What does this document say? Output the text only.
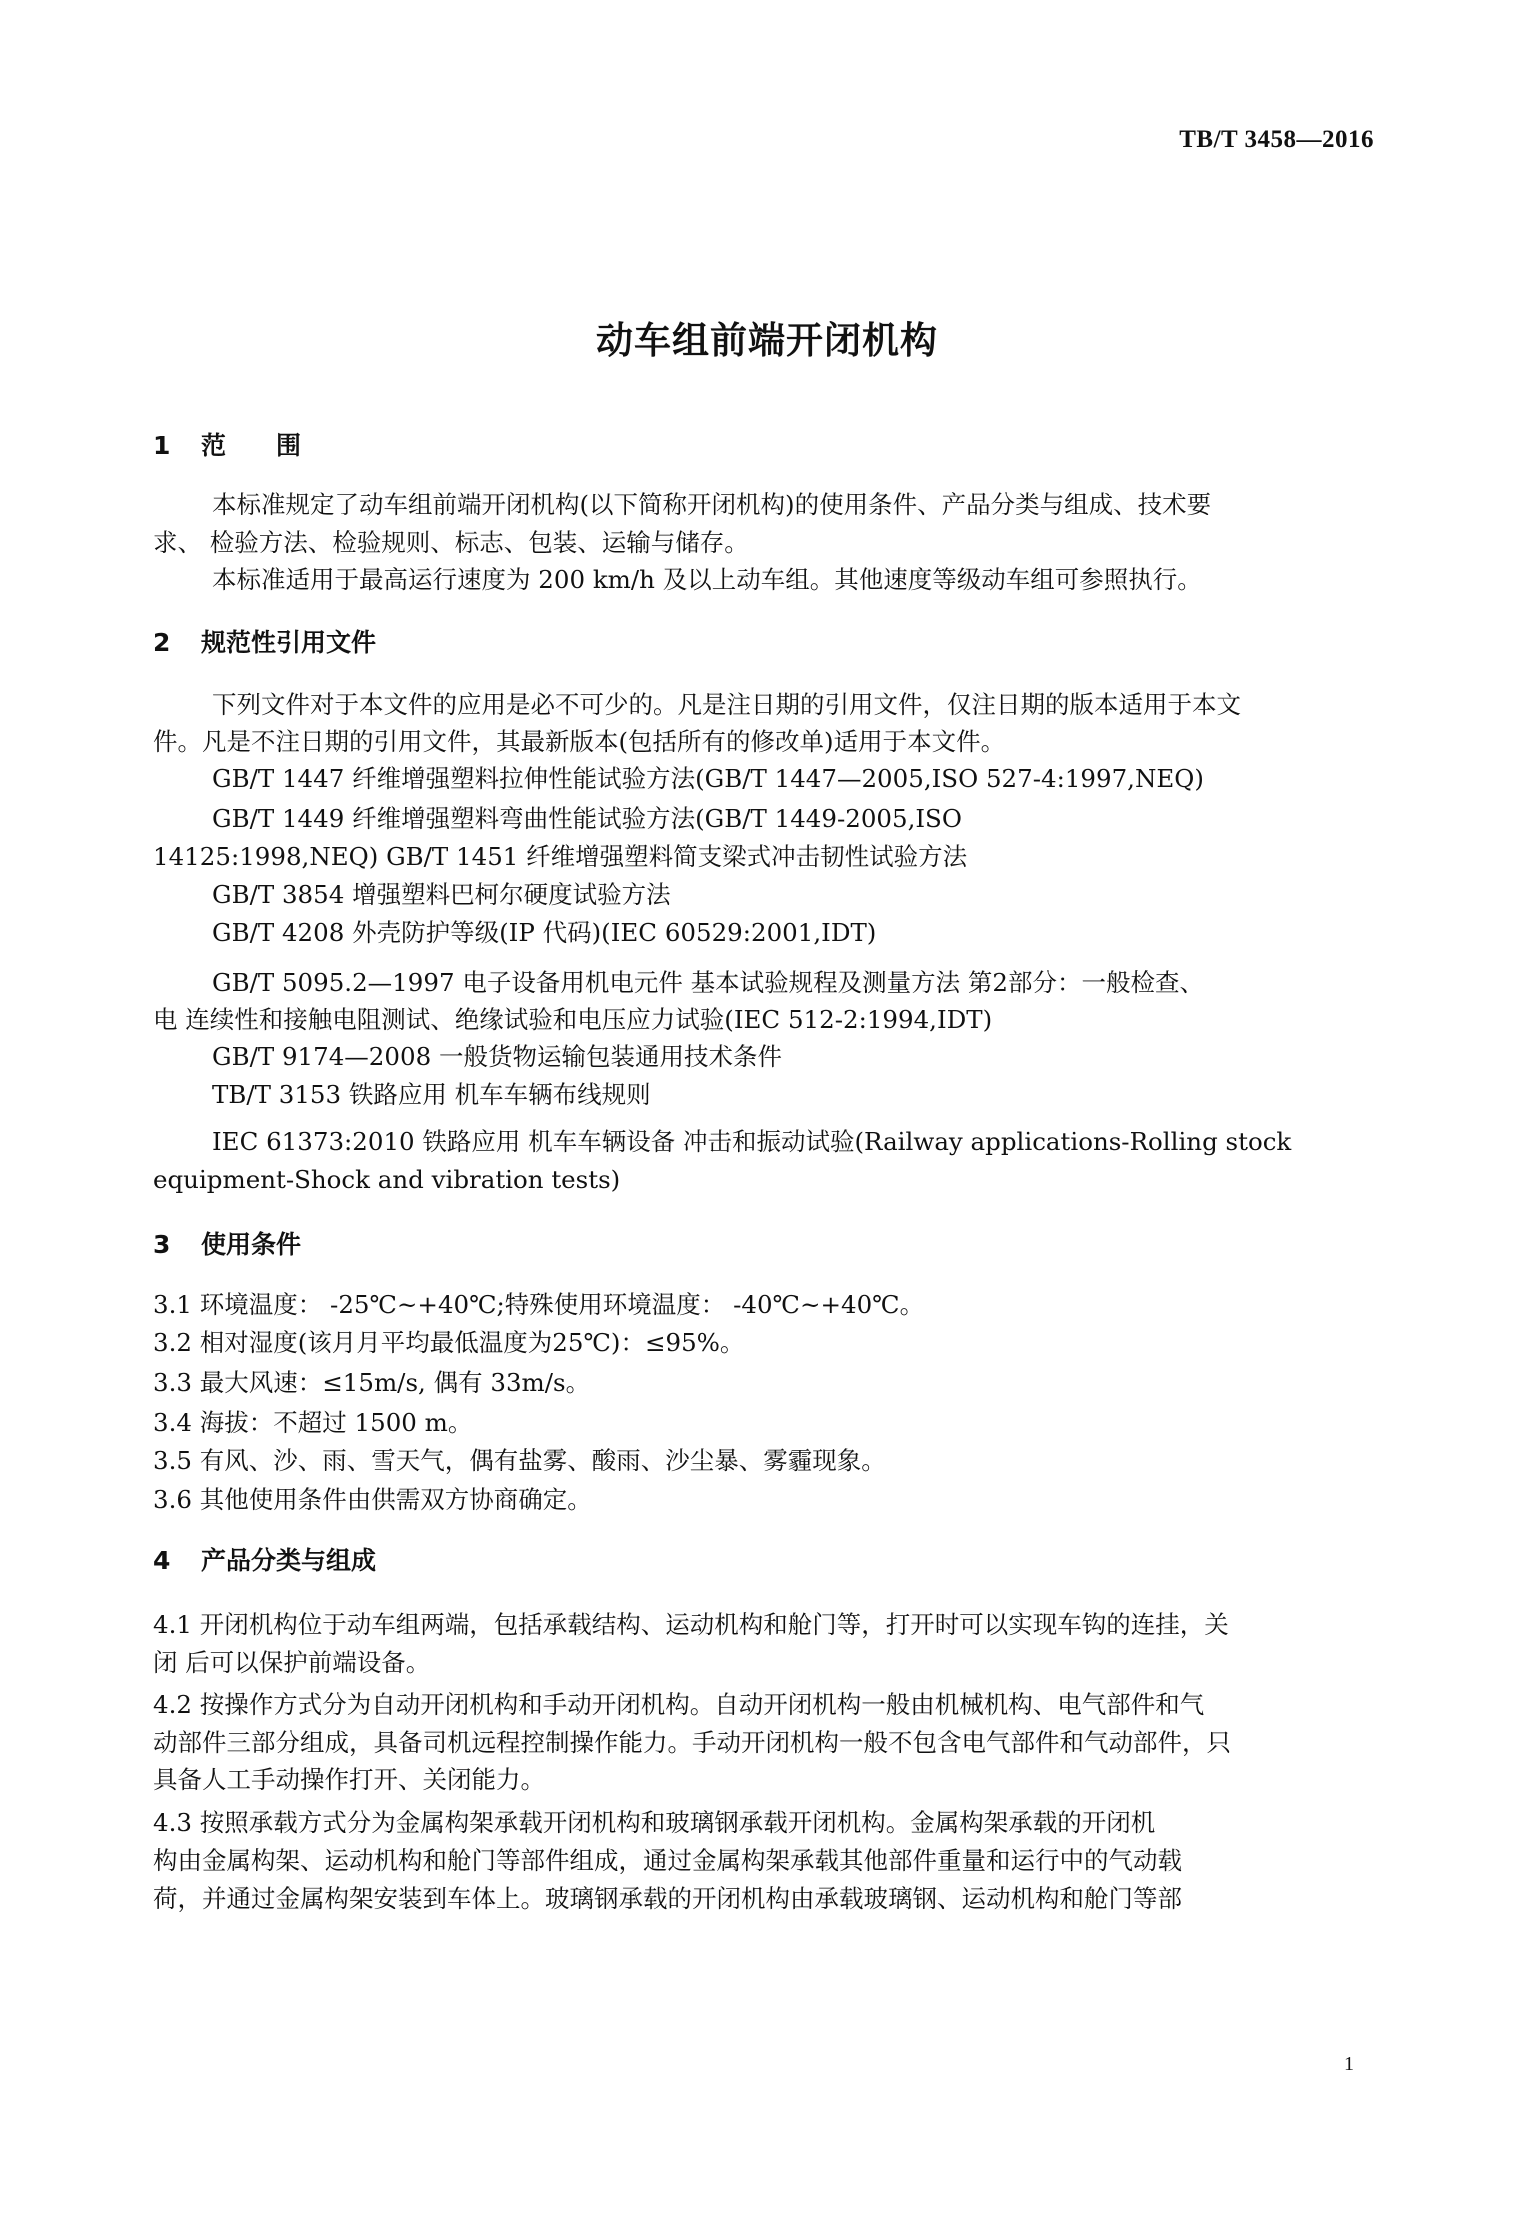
TB/T 3458—2016
动车组前端开闭机构
1 范　　围
本标准规定了动车组前端开闭机构(以下简称开闭机构)的使用条件、产品分类与组成、技术要
求、 检验方法、检验规则、标志、包装、运输与储存。
本标准适用于最高运行速度为 200 km/h 及以上动车组。其他速度等级动车组可参照执行。
2 规范性引用文件
下列文件对于本文件的应用是必不可少的。凡是注日期的引用文件，仅注日期的版本适用于本文
件。凡是不注日期的引用文件，其最新版本(包括所有的修改单)适用于本文件。
GB/T 1447 纤维增强塑料拉伸性能试验方法(GB/T 1447—2005,ISO 527-4:1997,NEQ)
GB/T 1449 纤维增强塑料弯曲性能试验方法(GB/T 1449-2005,ISO
14125:1998,NEQ) GB/T 1451 纤维增强塑料简支梁式冲击韧性试验方法
GB/T 3854 增强塑料巴柯尔硬度试验方法
GB/T 4208 外壳防护等级(IP 代码)(IEC 60529:2001,IDT)
GB/T 5095.2—1997 电子设备用机电元件 基本试验规程及测量方法 第2部分：一般检查、
电 连续性和接触电阻测试、绝缘试验和电压应力试验(IEC 512-2:1994,IDT)
GB/T 9174—2008 一般货物运输包装通用技术条件
TB/T 3153 铁路应用 机车车辆布线规则
IEC 61373:2010 铁路应用 机车车辆设备 冲击和振动试验(Railway applications-Rolling stock
equipment-Shock and vibration tests)
3 使用条件
3.1 环境温度： -25℃~+40℃;特殊使用环境温度： -40℃~+40℃。
3.2 相对湿度(该月月平均最低温度为25℃)：≤95%。
3.3 最大风速：≤15m/s, 偶有 33m/s。
3.4 海拔：不超过 1500 m。
3.5 有风、沙、雨、雪天气，偶有盐雾、酸雨、沙尘暴、雾霾现象。
3.6 其他使用条件由供需双方协商确定。
4 产品分类与组成
4.1 开闭机构位于动车组两端，包括承载结构、运动机构和舱门等，打开时可以实现车钩的连挂，关
闭 后可以保护前端设备。
4.2 按操作方式分为自动开闭机构和手动开闭机构。自动开闭机构一般由机械机构、电气部件和气
动部件三部分组成，具备司机远程控制操作能力。手动开闭机构一般不包含电气部件和气动部件，只
具备人工手动操作打开、关闭能力。
4.3 按照承载方式分为金属构架承载开闭机构和玻璃钢承载开闭机构。金属构架承载的开闭机
构由金属构架、运动机构和舱门等部件组成，通过金属构架承载其他部件重量和运行中的气动载
荷，并通过金属构架安装到车体上。玻璃钢承载的开闭机构由承载玻璃钢、运动机构和舱门等部
1
